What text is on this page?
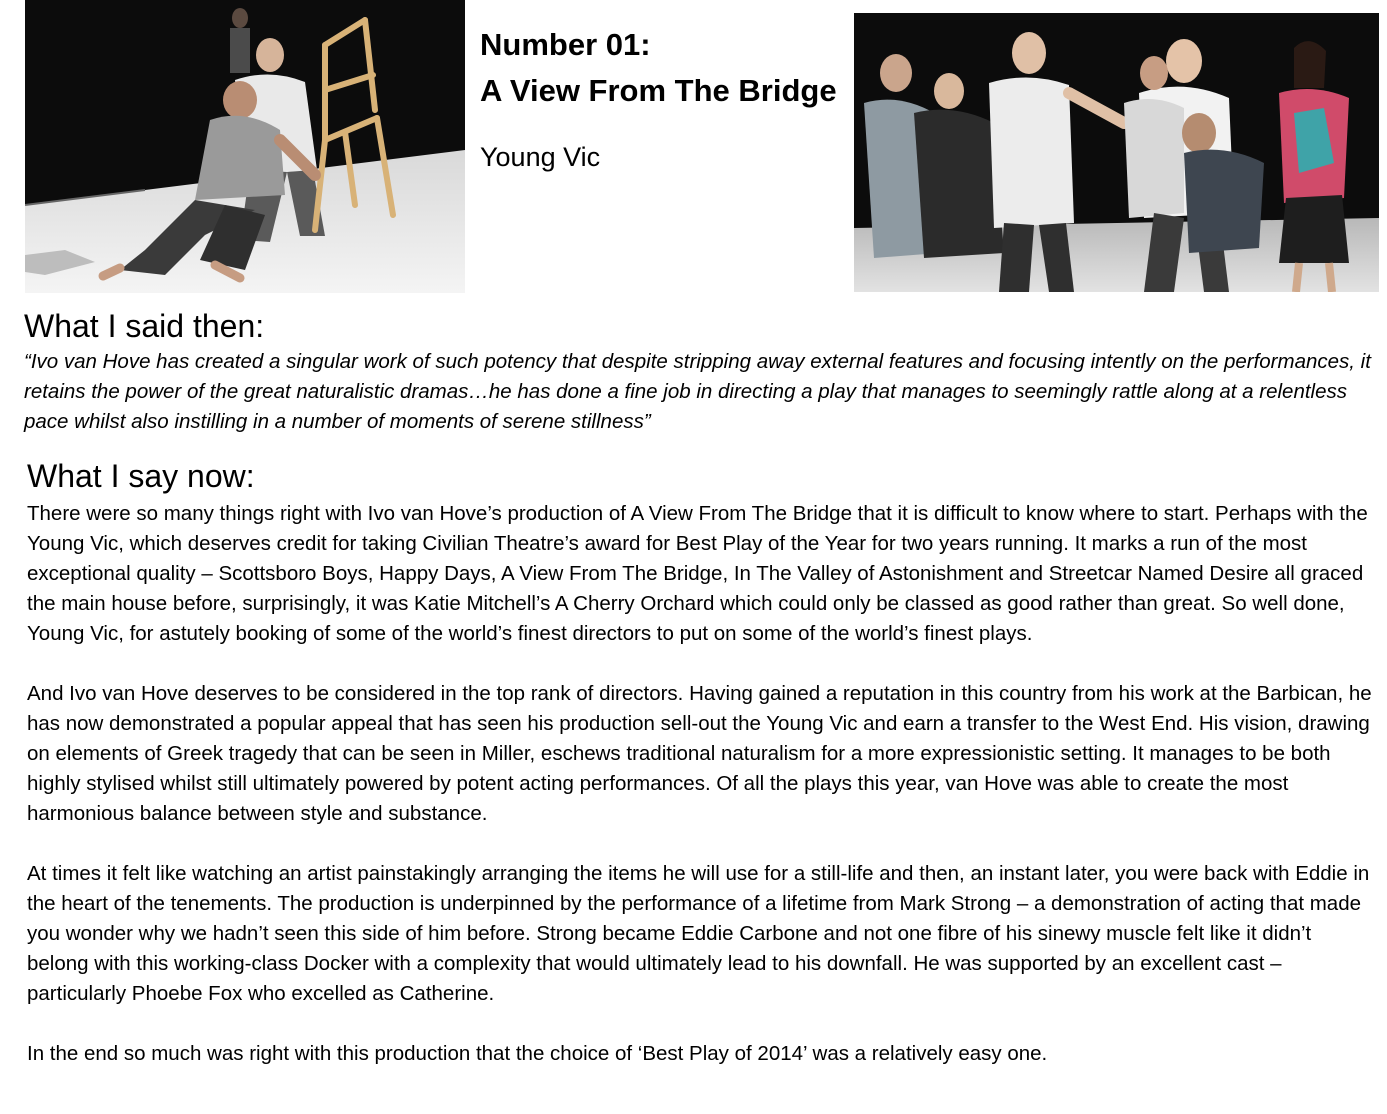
Number 01:
A View From The Bridge
Young Vic
What I said then:
“Ivo van Hove has created a singular work of such potency that despite stripping away external features and focusing intently on the performances, it retains the power of the great naturalistic dramas…he has done a fine job in directing a play that manages to seemingly rattle along at a relentless pace whilst also instilling in a number of moments of serene stillness”
What I say now:

There were so many things right with Ivo van Hove’s production of A View From The Bridge that it is difficult to know where to start. Perhaps with the Young Vic, which deserves credit for taking Civilian Theatre’s award for Best Play of the Year for two years running. It marks a run of the most exceptional quality – Scottsboro Boys, Happy Days, A View From The Bridge, In The Valley of Astonishment and Streetcar Named Desire all graced the main house before, surprisingly, it was Katie Mitchell’s A Cherry Orchard which could only be classed as good rather than great. So well done, Young Vic, for astutely booking of some of the world’s finest directors to put on some of the world’s finest plays.

And Ivo van Hove deserves to be considered in the top rank of directors. Having gained a reputation in this country from his work at the Barbican, he has now demonstrated a popular appeal that has seen his production sell-out the Young Vic and earn a transfer to the West End. His vision, drawing on elements of Greek tragedy that can be seen in Miller, eschews traditional naturalism for a more expressionistic setting. It manages to be both highly stylised whilst still ultimately powered by potent acting performances. Of all the plays this year, van Hove was able to create the most harmonious balance between style and substance.

At times it felt like watching an artist painstakingly arranging the items he will use for a still-life and then, an instant later, you were back with Eddie in the heart of the tenements. The production is underpinned by the performance of a lifetime from Mark Strong – a demonstration of acting that made you wonder why we hadn’t seen this side of him before. Strong became Eddie Carbone and not one fibre of his sinewy muscle felt like it didn’t belong with this working-class Docker with a complexity that would ultimately lead to his downfall. He was supported by an excellent cast – particularly Phoebe Fox who excelled as Catherine.

In the end so much was right with this production that the choice of ‘Best Play of 2014’ was a relatively easy one.
